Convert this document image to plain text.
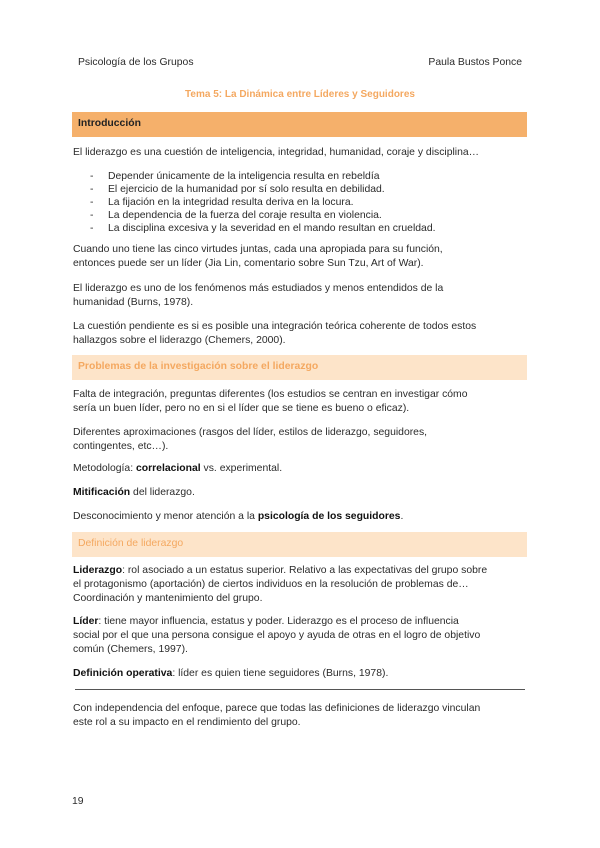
Psicología de los Grupos	Paula Bustos Ponce
Tema 5: La Dinámica entre Líderes y Seguidores
Introducción
El liderazgo es una cuestión de inteligencia, integridad, humanidad, coraje y disciplina…
- Depender únicamente de la inteligencia resulta en rebeldía
- El ejercicio de la humanidad por sí solo resulta en debilidad.
- La fijación en la integridad resulta deriva en la locura.
- La dependencia de la fuerza del coraje resulta en violencia.
- La disciplina excesiva y la severidad en el mando resultan en crueldad.
Cuando uno tiene las cinco virtudes juntas, cada una apropiada para su función,
entonces puede ser un líder (Jia Lin, comentario sobre Sun Tzu, Art of War).
El liderazgo es uno de los fenómenos más estudiados y menos entendidos de la
humanidad (Burns, 1978).
La cuestión pendiente es si es posible una integración teórica coherente de todos estos
hallazgos sobre el liderazgo (Chemers, 2000).
Problemas de la investigación sobre el liderazgo
Falta de integración, preguntas diferentes (los estudios se centran en investigar cómo
sería un buen líder, pero no en si el líder que se tiene es bueno o eficaz).
Diferentes aproximaciones (rasgos del líder, estilos de liderazgo, seguidores,
contingentes, etc…).
Metodología: correlacional vs. experimental.
Mitificación del liderazgo.
Desconocimiento y menor atención a la psicología de los seguidores.
Definición de liderazgo
Liderazgo: rol asociado a un estatus superior. Relativo a las expectativas del grupo sobre
el protagonismo (aportación) de ciertos individuos en la resolución de problemas de…
Coordinación y mantenimiento del grupo.
Líder: tiene mayor influencia, estatus y poder. Liderazgo es el proceso de influencia
social por el que una persona consigue el apoyo y ayuda de otras en el logro de objetivo
común (Chemers, 1997).
Definición operativa: líder es quien tiene seguidores (Burns, 1978).
Con independencia del enfoque, parece que todas las definiciones de liderazgo vinculan
este rol a su impacto en el rendimiento del grupo.
19
